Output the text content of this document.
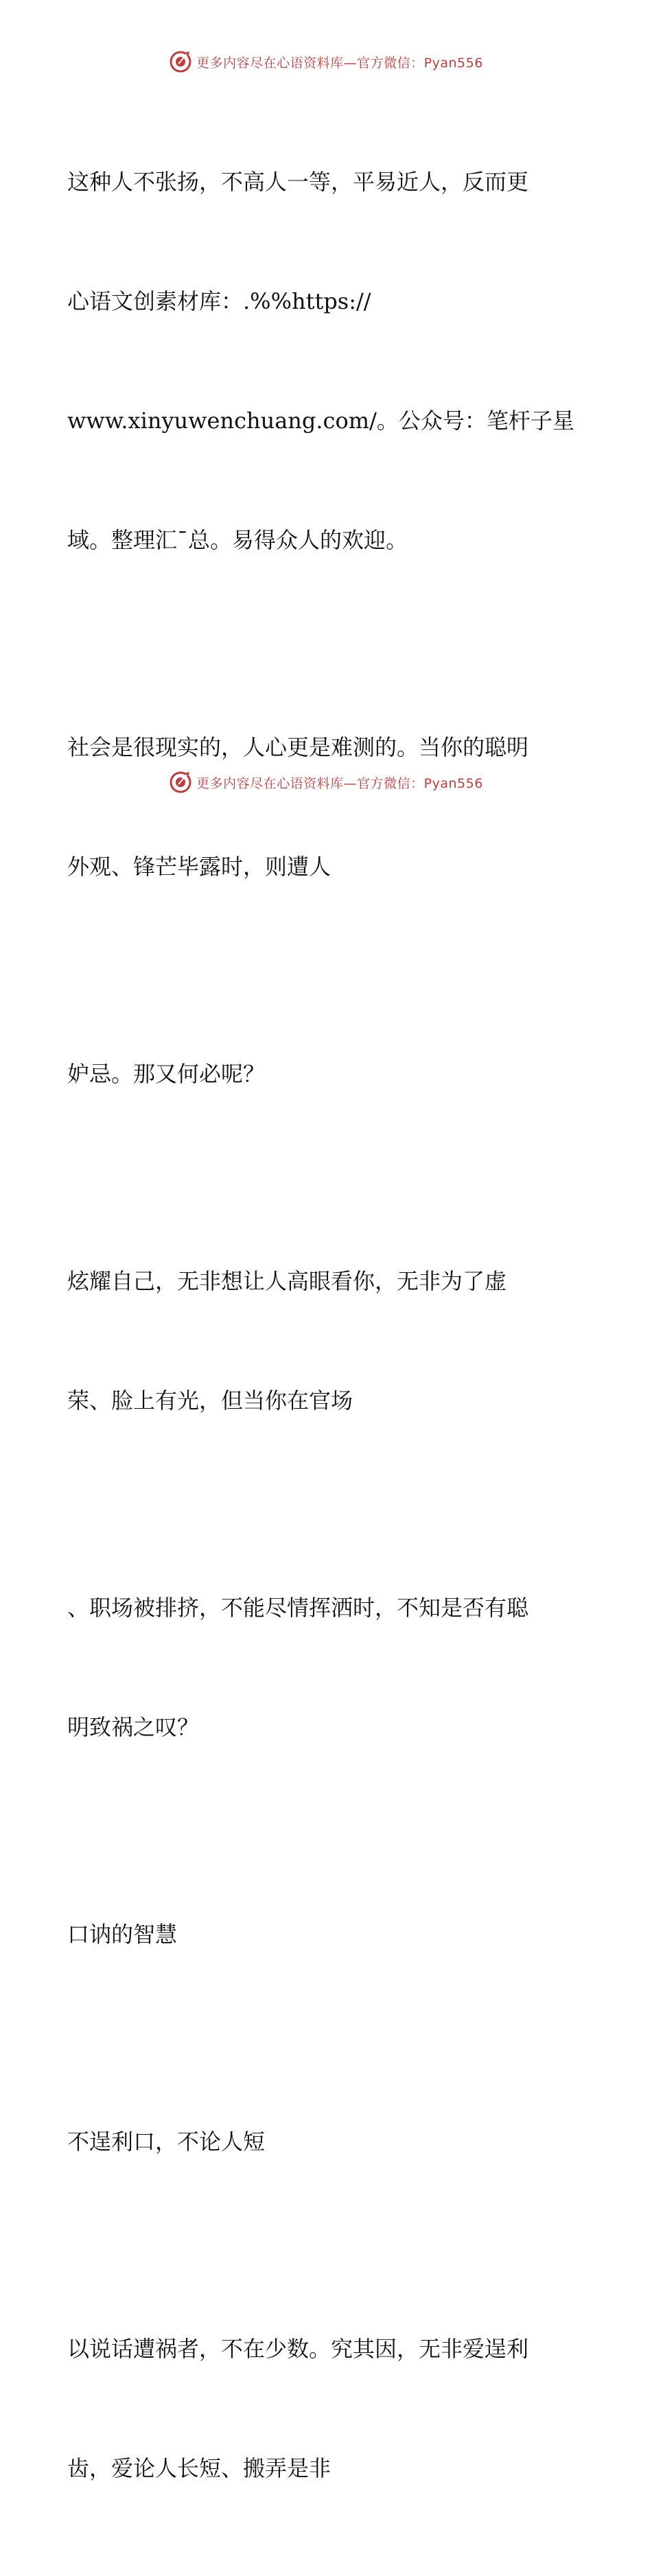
更多内容尽在心语资料库—官方微信：Pyan556

这种人不张扬，不高人一等，平易近人，反而更

心语文创素材库：.%%https://

www.xinyuwenchuang.com/。公众号：笔杆子星

域。整理汇¯总。易得众人的欢迎。

社会是很现实的，人心更是难测的。当你的聪明

外观、锋芒毕露时，则遭人

妒忌。那又何必呢？

炫耀自己，无非想让人高眼看你，无非为了虚

荣、脸上有光，但当你在官场

、职场被排挤，不能尽情挥洒时，不知是否有聪

明致祸之叹？

口讷的智慧

不逞利口，不论人短

以说话遭祸者，不在少数。究其因，无非爱逞利

齿，爱论人长短、搬弄是非

更多内容尽在心语资料库—官方微信：Pyan556
